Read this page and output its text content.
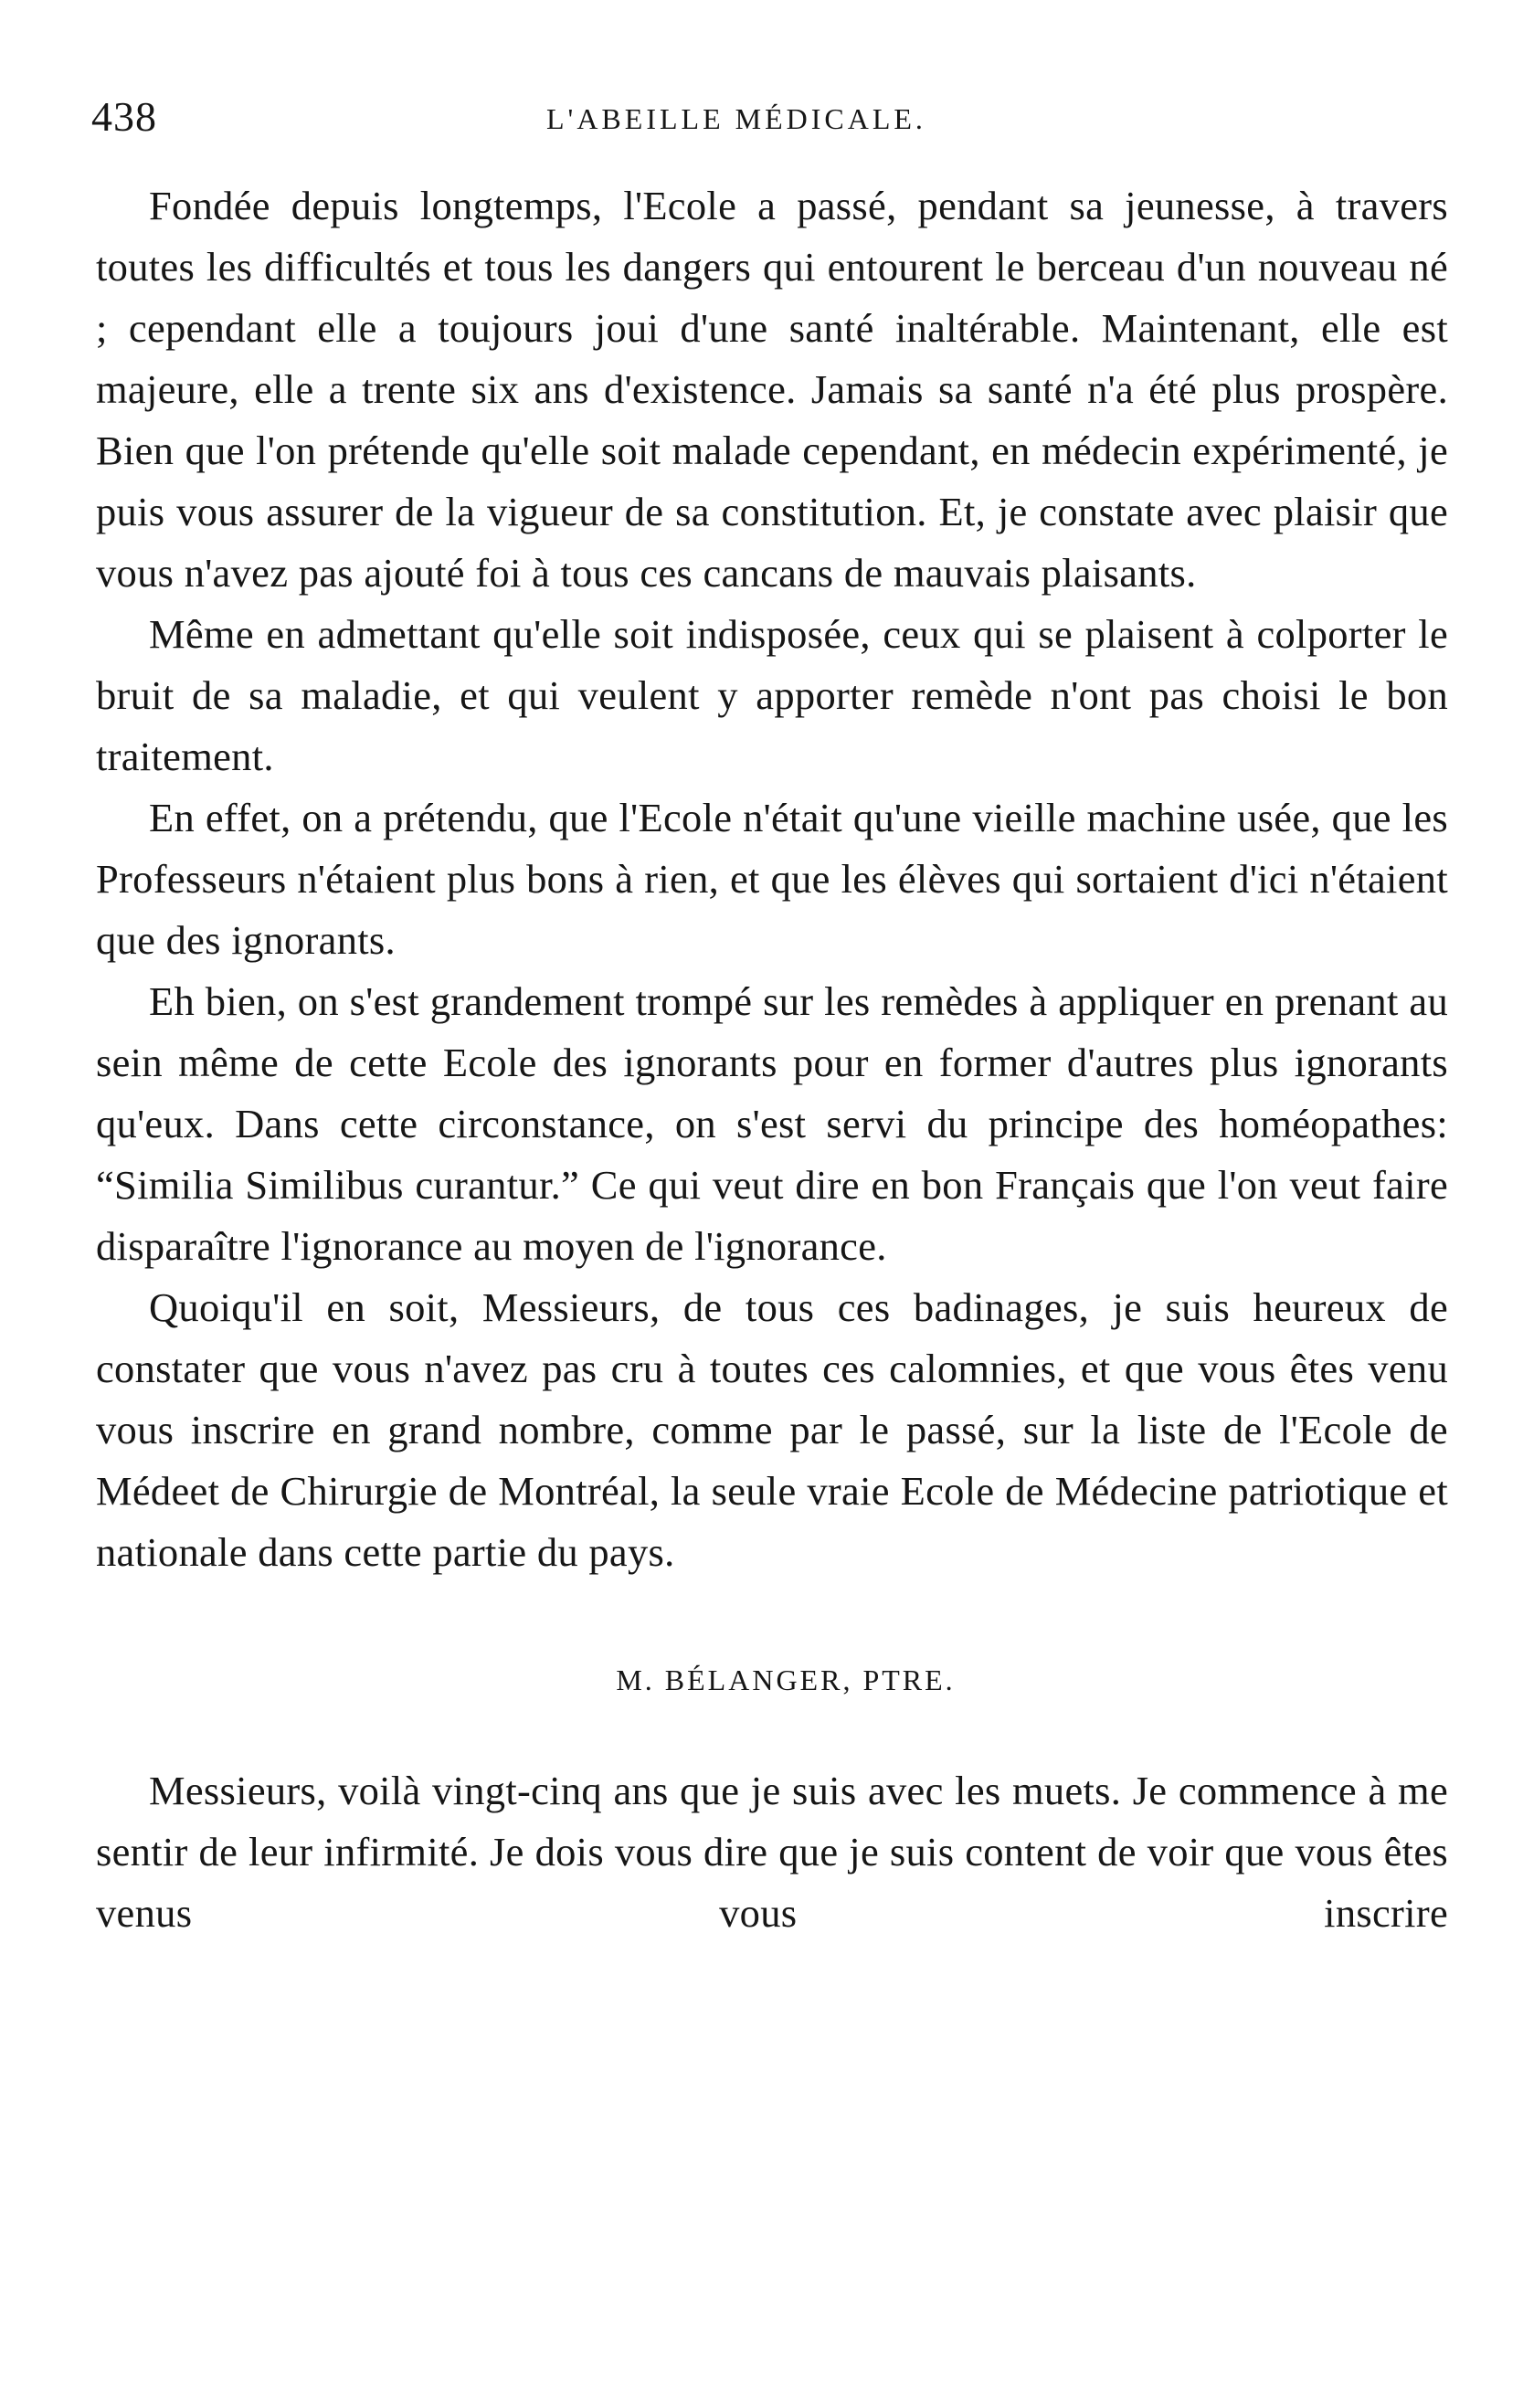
438	L'ABEILLE MÉDICALE.

Fondée depuis longtemps, l'Ecole a passé, pendant sa jeunesse, à travers toutes les difficultés et tous les dangers qui entourent le berceau d'un nouveau né ; cependant elle a toujours joui d'une santé inaltérable. Maintenant, elle est majeure, elle a trente six ans d'existence. Jamais sa santé n'a été plus prospère. Bien que l'on prétende qu'elle soit malade cependant, en médecin expérimenté, je puis vous assurer de la vigueur de sa constitution. Et, je constate avec plaisir que vous n'avez pas ajouté foi à tous ces cancans de mauvais plaisants.

Même en admettant qu'elle soit indisposée, ceux qui se plaisent à colporter le bruit de sa maladie, et qui veulent y apporter remède n'ont pas choisi le bon traitement.

En effet, on a prétendu, que l'Ecole n'était qu'une vieille machine usée, que les Professeurs n'étaient plus bons à rien, et que les élèves qui sortaient d'ici n'étaient que des ignorants.

Eh bien, on s'est grandement trompé sur les remèdes à appliquer en prenant au sein même de cette Ecole des ignorants pour en former d'autres plus ignorants qu'eux. Dans cette circonstance, on s'est servi du principe des homéopathes: “Similia Similibus curantur.” Ce qui veut dire en bon Français que l'on veut faire disparaître l'ignorance au moyen de l'ignorance.

Quoiqu'il en soit, Messieurs, de tous ces badinages, je suis heureux de constater que vous n'avez pas cru à toutes ces calomnies, et que vous êtes venu vous inscrire en grand nombre, comme par le passé, sur la liste de l'Ecole de Médeet de Chirurgie de Montréal, la seule vraie Ecole de Médecine patriotique et nationale dans cette partie du pays.

M. BÉLANGER, PTRE.

Messieurs, voilà vingt-cinq ans que je suis avec les muets. Je commence à me sentir de leur infirmité. Je dois vous dire que je suis content de voir que vous êtes venus vous inscrire
